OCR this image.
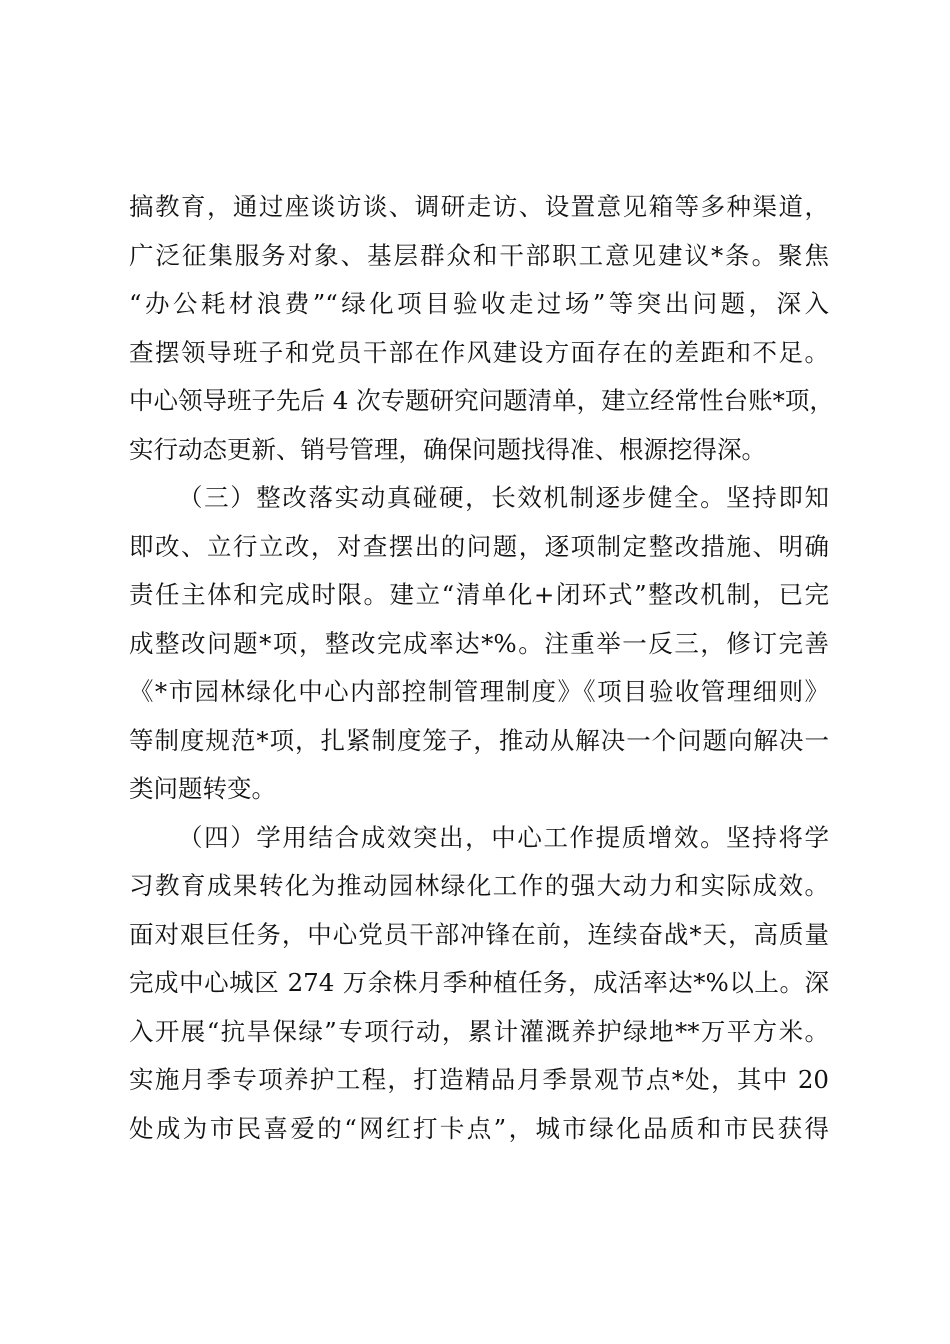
搞教育，通过座谈访谈、调研走访、设置意见箱等多种渠道，
广泛征集服务对象、基层群众和干部职工意见建议*条。聚焦
“办公耗材浪费”“绿化项目验收走过场”等突出问题，深入
查摆领导班子和党员干部在作风建设方面存在的差距和不足。
中心领导班子先后 4 次专题研究问题清单，建立经常性台账*项，
实行动态更新、销号管理，确保问题找得准、根源挖得深。
（三）整改落实动真碰硬，长效机制逐步健全。坚持即知
即改、立行立改，对查摆出的问题，逐项制定整改措施、明确
责任主体和完成时限。建立“清单化+闭环式”整改机制，已完
成整改问题*项，整改完成率达*%。注重举一反三，修订完善
《*市园林绿化中心内部控制管理制度》《项目验收管理细则》
等制度规范*项，扎紧制度笼子，推动从解决一个问题向解决一
类问题转变。
（四）学用结合成效突出，中心工作提质增效。坚持将学
习教育成果转化为推动园林绿化工作的强大动力和实际成效。
面对艰巨任务，中心党员干部冲锋在前，连续奋战*天，高质量
完成中心城区 274 万余株月季种植任务，成活率达*%以上。深
入开展“抗旱保绿”专项行动，累计灌溉养护绿地**万平方米。
实施月季专项养护工程，打造精品月季景观节点*处，其中 20
处成为市民喜爱的“网红打卡点”，城市绿化品质和市民获得
